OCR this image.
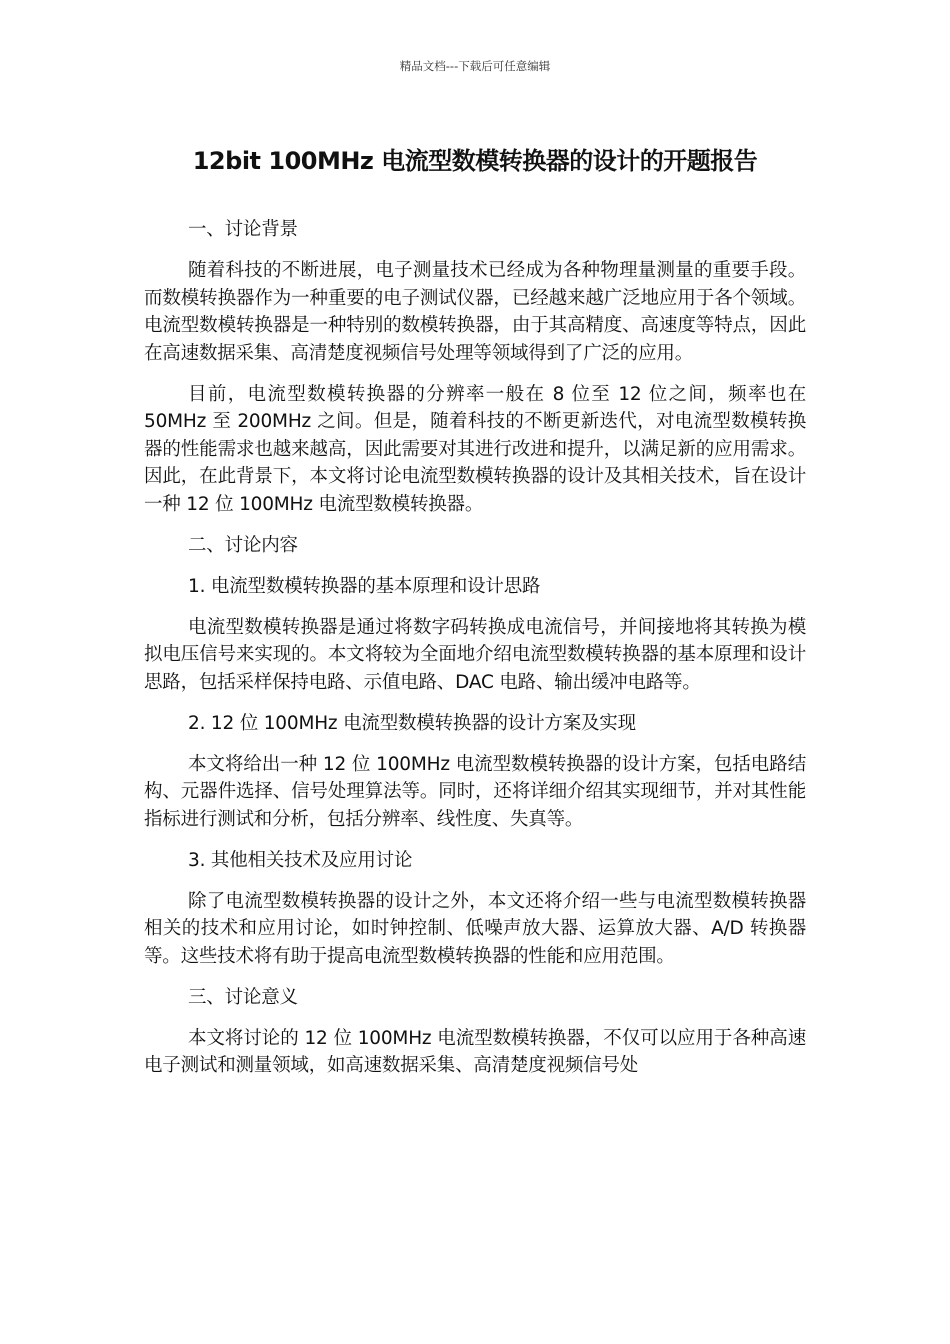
精品文档---下载后可任意编辑
12bit 100MHz 电流型数模转换器的设计的开题报告

一、讨论背景

随着科技的不断进展，电子测量技术已经成为各种物理量测量的重要手段。而数模转换器作为一种重要的电子测试仪器，已经越来越广泛地应用于各个领域。电流型数模转换器是一种特别的数模转换器，由于其高精度、高速度等特点，因此在高速数据采集、高清楚度视频信号处理等领域得到了广泛的应用。

目前，电流型数模转换器的分辨率一般在 8 位至 12 位之间，频率也在 50MHz 至 200MHz 之间。但是，随着科技的不断更新迭代，对电流型数模转换器的性能需求也越来越高，因此需要对其进行改进和提升，以满足新的应用需求。因此，在此背景下，本文将讨论电流型数模转换器的设计及其相关技术，旨在设计一种 12 位 100MHz 电流型数模转换器。

二、讨论内容

1. 电流型数模转换器的基本原理和设计思路

电流型数模转换器是通过将数字码转换成电流信号，并间接地将其转换为模拟电压信号来实现的。本文将较为全面地介绍电流型数模转换器的基本原理和设计思路，包括采样保持电路、示值电路、DAC 电路、输出缓冲电路等。

2. 12 位 100MHz 电流型数模转换器的设计方案及实现

本文将给出一种 12 位 100MHz 电流型数模转换器的设计方案，包括电路结构、元器件选择、信号处理算法等。同时，还将详细介绍其实现细节，并对其性能指标进行测试和分析，包括分辨率、线性度、失真等。

3. 其他相关技术及应用讨论

除了电流型数模转换器的设计之外，本文还将介绍一些与电流型数模转换器相关的技术和应用讨论，如时钟控制、低噪声放大器、运算放大器、A/D 转换器等。这些技术将有助于提高电流型数模转换器的性能和应用范围。

三、讨论意义

本文将讨论的 12 位 100MHz 电流型数模转换器，不仅可以应用于各种高速电子测试和测量领域，如高速数据采集、高清楚度视频信号处
